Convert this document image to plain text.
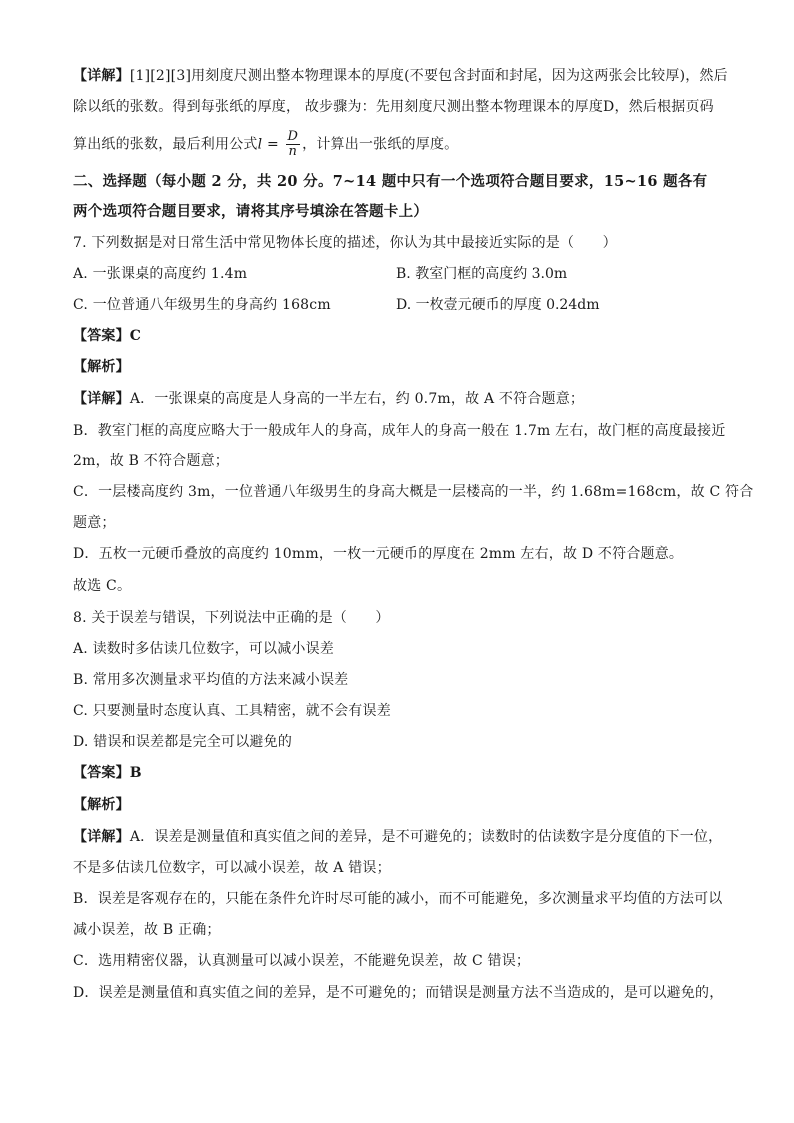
【详解】[1][2][3]用刻度尺测出整本物理课本的厚度(不要包含封面和封尾，因为这两张会比较厚)，然后
除以纸的张数。得到每张纸的厚度， 故步骤为：先用刻度尺测出整本物理课本的厚度D，然后根据页码
算出纸的张数，最后利用公式$l = \frac{D}{n}$ ，计算出一张纸的厚度。
二、选择题（每小题 2 分，共 20 分。7~14 题中只有一个选项符合题目要求，15~16 题各有
两个选项符合题目要求，请将其序号填涂在答题卡上）
7. 下列数据是对日常生活中常见物体长度的描述，你认为其中最接近实际的是（　　）
A. 一张课桌的高度约 1.4m	B. 教室门框的高度约 3.0m
C. 一位普通八年级男生的身高约 168cm	D. 一枚壹元硬币的厚度 0.24dm
【答案】C
【解析】
【详解】A．一张课桌的高度是人身高的一半左右，约 0.7m，故 A 不符合题意；
B．教室门框的高度应略大于一般成年人的身高，成年人的身高一般在 1.7m 左右，故门框的高度最接近
2m，故 B 不符合题意；
C．一层楼高度约 3m，一位普通八年级男生的身高大概是一层楼高的一半，约 1.68m=168cm，故 C 符合
题意；
D．五枚一元硬币叠放的高度约 10mm，一枚一元硬币的厚度在 2mm 左右，故 D 不符合题意。
故选 C。
8. 关于误差与错误，下列说法中正确的是（　　）
A. 读数时多估读几位数字，可以减小误差
B. 常用多次测量求平均值的方法来减小误差
C. 只要测量时态度认真、工具精密，就不会有误差
D. 错误和误差都是完全可以避免的
【答案】B
【解析】
【详解】A．误差是测量值和真实值之间的差异，是不可避免的；读数时的估读数字是分度值的下一位，
不是多估读几位数字，可以减小误差，故 A 错误；
B．误差是客观存在的，只能在条件允许时尽可能的减小，而不可能避免，多次测量求平均值的方法可以
减小误差，故 B 正确；
C．选用精密仪器，认真测量可以减小误差，不能避免误差，故 C 错误；
D．误差是测量值和真实值之间的差异，是不可避免的；而错误是测量方法不当造成的，是可以避免的，
